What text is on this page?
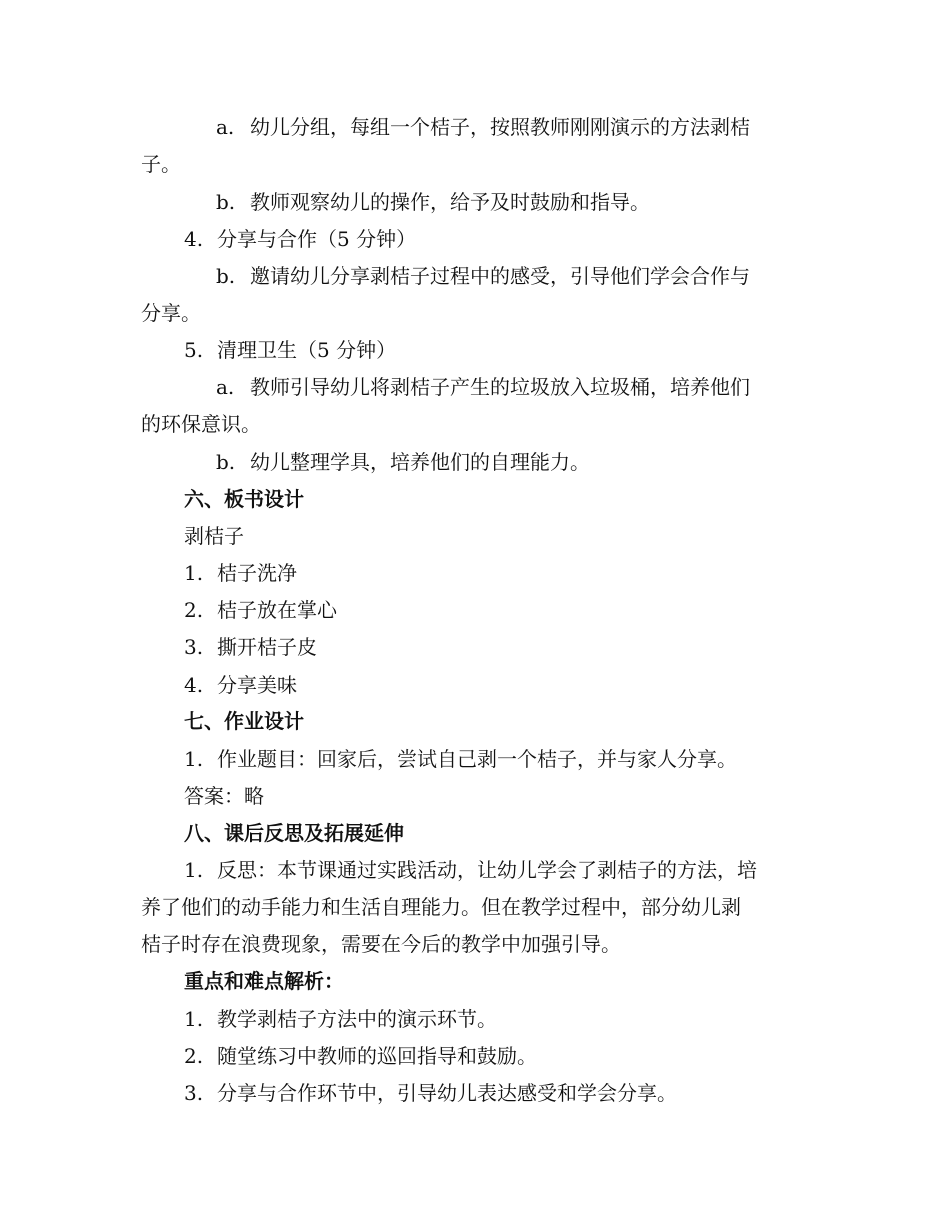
a. 幼儿分组，每组一个桔子，按照教师刚刚演示的方法剥桔
子。
b. 教师观察幼儿的操作，给予及时鼓励和指导。
4. 分享与合作（5 分钟）
b. 邀请幼儿分享剥桔子过程中的感受，引导他们学会合作与
分享。
5. 清理卫生（5 分钟）
a. 教师引导幼儿将剥桔子产生的垃圾放入垃圾桶，培养他们
的环保意识。
b. 幼儿整理学具，培养他们的自理能力。
六、板书设计
剥桔子
1. 桔子洗净
2. 桔子放在掌心
3. 撕开桔子皮
4. 分享美味
七、作业设计
1. 作业题目：回家后，尝试自己剥一个桔子，并与家人分享。
答案：略
八、课后反思及拓展延伸
1. 反思：本节课通过实践活动，让幼儿学会了剥桔子的方法，培
养了他们的动手能力和生活自理能力。但在教学过程中，部分幼儿剥
桔子时存在浪费现象，需要在今后的教学中加强引导。
重点和难点解析：
1. 教学剥桔子方法中的演示环节。
2. 随堂练习中教师的巡回指导和鼓励。
3. 分享与合作环节中，引导幼儿表达感受和学会分享。
